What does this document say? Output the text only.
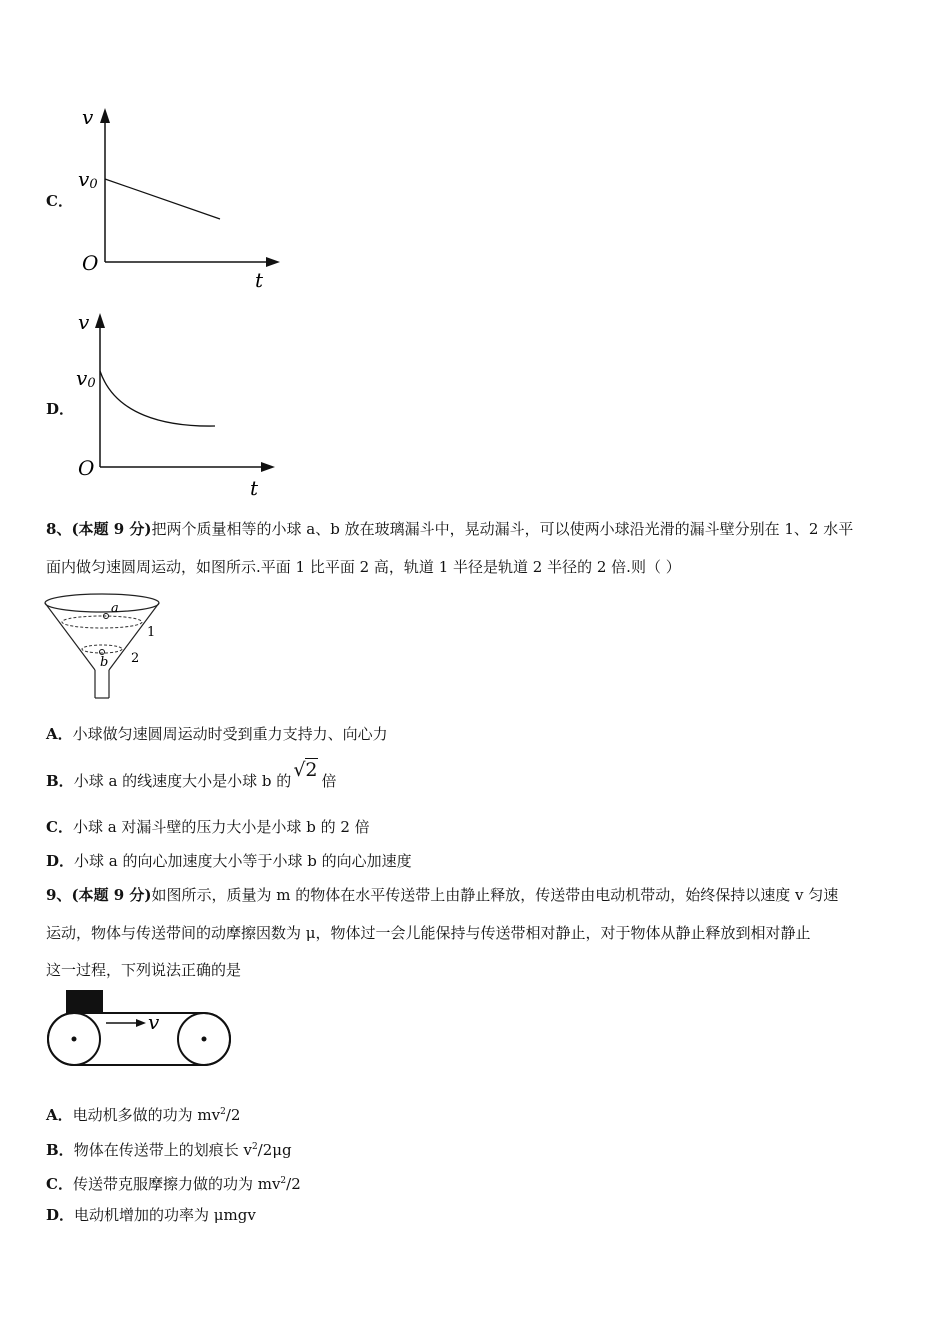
C．
v
t
O
v0
D．
v
t
O
v0
8、(本题 9 分)把两个质量相等的小球 a、b 放在玻璃漏斗中，晃动漏斗，可以使两小球沿光滑的漏斗壁分别在 1、2 水平
面内做匀速圆周运动，如图所示.平面 1 比平面 2 高，轨道 1 半径是轨道 2 半径的 2 倍.则（ ）
a
b
1
2
A．小球做匀速圆周运动时受到重力支持力、向心力
B．小球 a 的线速度大小是小球 b 的 √2 倍
C．小球 a 对漏斗壁的压力大小是小球 b 的 2 倍
D．小球 a 的向心加速度大小等于小球 b 的向心加速度
9、(本题 9 分)如图所示，质量为 m 的物体在水平传送带上由静止释放，传送带由电动机带动，始终保持以速度 v 匀速
运动，物体与传送带间的动摩擦因数为 μ，物体过一会儿能保持与传送带相对静止，对于物体从静止释放到相对静止
这一过程，下列说法正确的是
v
A．电动机多做的功为 $mv^2/2$
B．物体在传送带上的划痕长 $v^2/2\mu g$
C．传送带克服摩擦力做的功为 $mv^2/2$
D．电动机增加的功率为 μmgv
